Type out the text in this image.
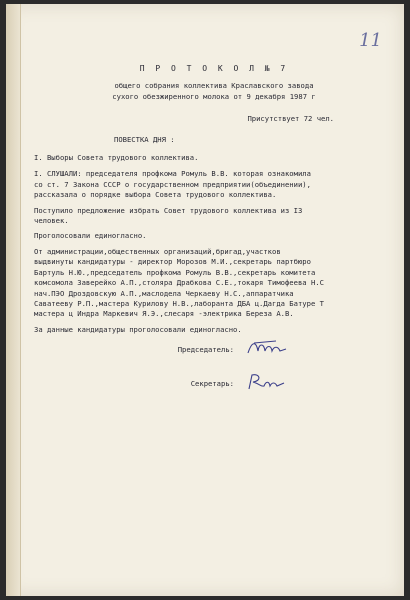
11
П Р О Т О К О Л № 7
общего собрания коллектива Краславского завода
сухого обезжиренного молока от 9 декабря 1987 г
Присутствует 72 чел.
ПОВЕСТКА ДНЯ :
I. Выборы Совета трудового коллектива.
I. СЛУШАЛИ: председателя профкома Ромуль В.В. которая ознакомила
со ст. 7 Закона СССР о государственном предприятии(объединении),
рассказала о порядке выбора Совета трудового коллектива.
Поступило предложение избрать Совет трудового коллектива из I3
человек.
Проголосовали единогласно.
От администрации,общественных организаций,бригад,участков
выдвинуты кандидатуры - директор Морозов М.И.,секретарь партбюро
Бартуль Н.Ю.,председатель профкома Ромуль В.В.,секретарь комитета
комсомола Заверейко А.П.,столяра Драбкова С.Е.,токаря Тимофеева Н.С
нач.ПЭО Дроздовскую А.П.,маслодела Черкаеву Н.С.,аппаратчика
Саватееву Р.П.,мастера Курилову Н.В.,лаборанта ДБА ц.Дагда Батуре Т
мастера ц Индра Маркевич Я.Э.,слесаря -электрика Береза А.В.
За данные кандидатуры проголосовали единогласно.
Председатель:
Секретарь:
